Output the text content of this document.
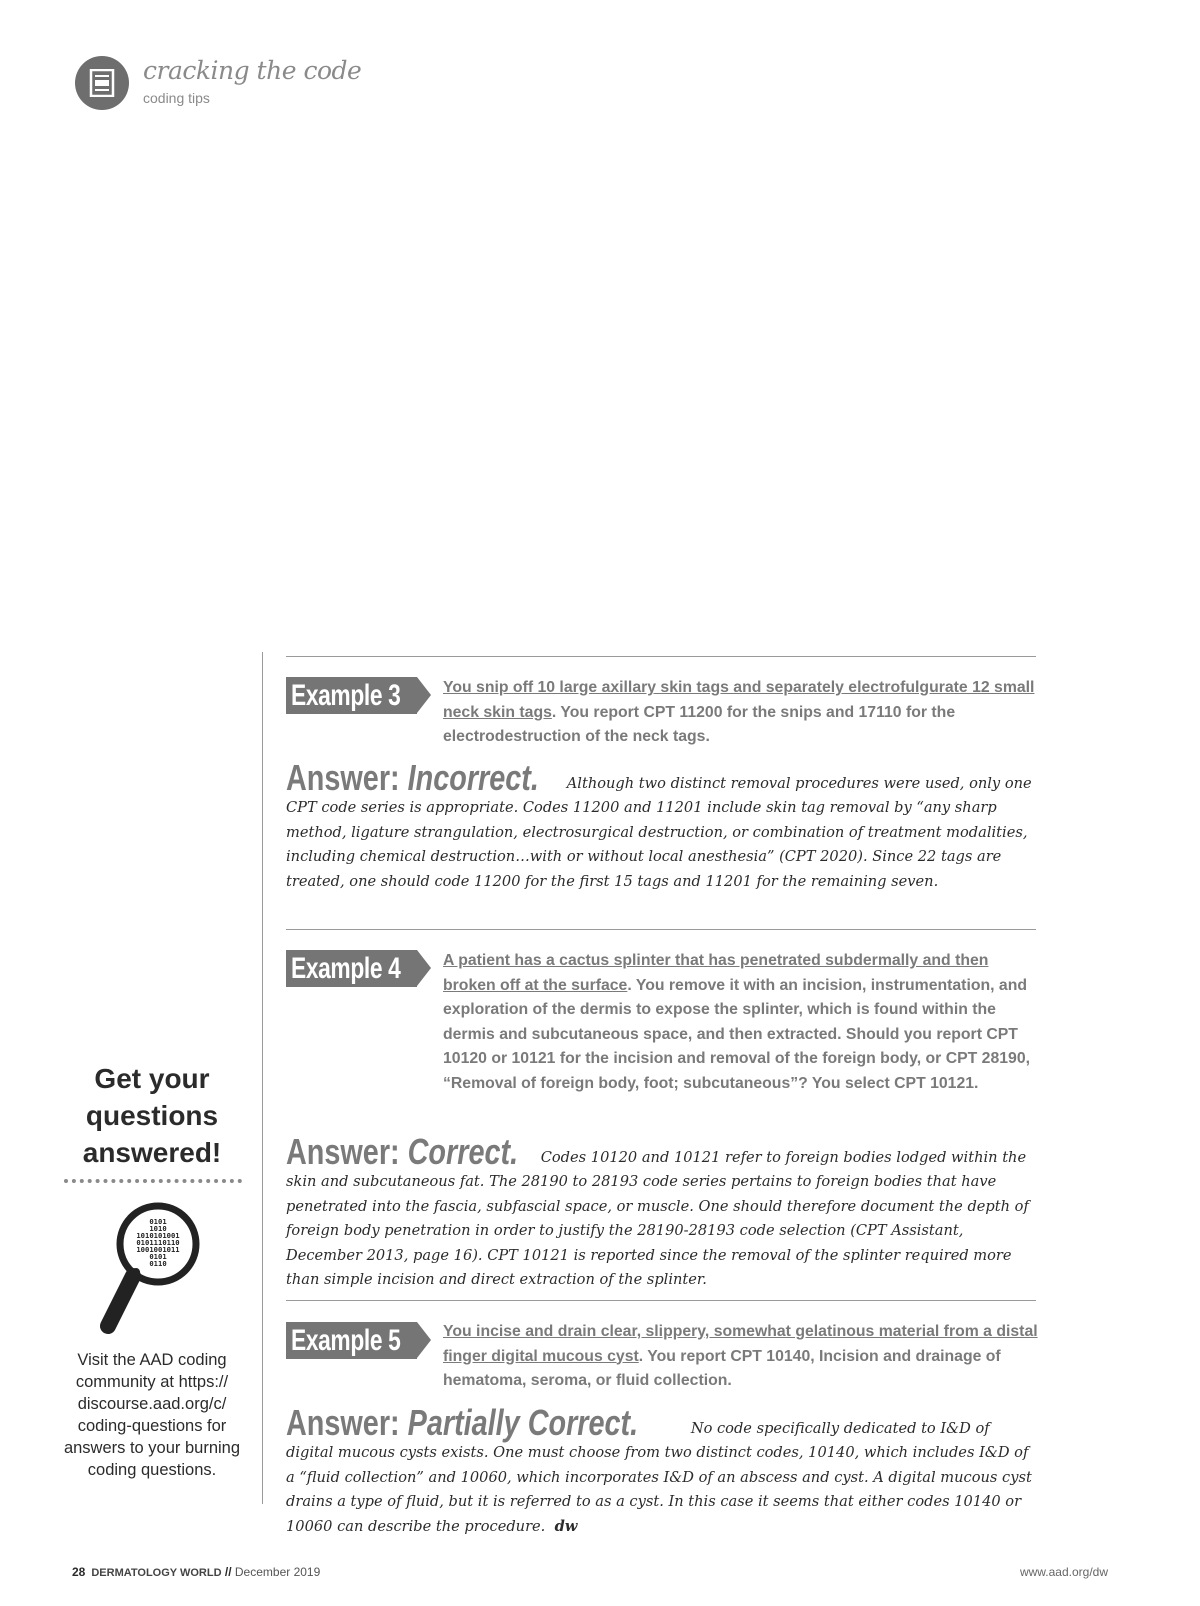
cracking the code
coding tips
Get your questions answered!
0101
1010
1010101001
0101110110
1001001011
0101
0110
Visit the AAD coding community at https:// discourse.aad.org/c/ coding-questions for answers to your burning coding questions.
Example 3	You snip off 10 large axillary skin tags and separately electrofulgurate 12 small neck skin tags. You report CPT 11200 for the snips and 17110 for the electrodestruction of the neck tags.
Answer: Incorrect. Although two distinct removal procedures were used, only one CPT code series is appropriate. Codes 11200 and 11201 include skin tag removal by “any sharp method, ligature strangulation, electrosurgical destruction, or combination of treatment modalities, including chemical destruction…with or without local anesthesia” (CPT 2020). Since 22 tags are treated, one should code 11200 for the first 15 tags and 11201 for the remaining seven.
Example 4	A patient has a cactus splinter that has penetrated subdermally and then broken off at the surface. You remove it with an incision, instrumentation, and exploration of the dermis to expose the splinter, which is found within the dermis and subcutaneous space, and then extracted. Should you report CPT 10120 or 10121 for the incision and removal of the foreign body, or CPT 28190, “Removal of foreign body, foot; subcutaneous”? You select CPT 10121.
Answer: Correct. Codes 10120 and 10121 refer to foreign bodies lodged within the skin and subcutaneous fat. The 28190 to 28193 code series pertains to foreign bodies that have penetrated into the fascia, subfascial space, or muscle. One should therefore document the depth of foreign body penetration in order to justify the 28190-28193 code selection (CPT Assistant, December 2013, page 16). CPT 10121 is reported since the removal of the splinter required more than simple incision and direct extraction of the splinter.
Example 5	You incise and drain clear, slippery, somewhat gelatinous material from a distal finger digital mucous cyst. You report CPT 10140, Incision and drainage of hematoma, seroma, or fluid collection.
Answer: Partially Correct.	No code specifically dedicated to I&D of digital mucous cysts exists. One must choose from two distinct codes, 10140, which includes I&D of a “fluid collection” and 10060, which incorporates I&D of an abscess and cyst. A digital mucous cyst drains a type of fluid, but it is referred to as a cyst. In this case it seems that either codes 10140 or 10060 can describe the procedure. dw
28 DERMATOLOGY WORLD // December 2019	www.aad.org/dw
